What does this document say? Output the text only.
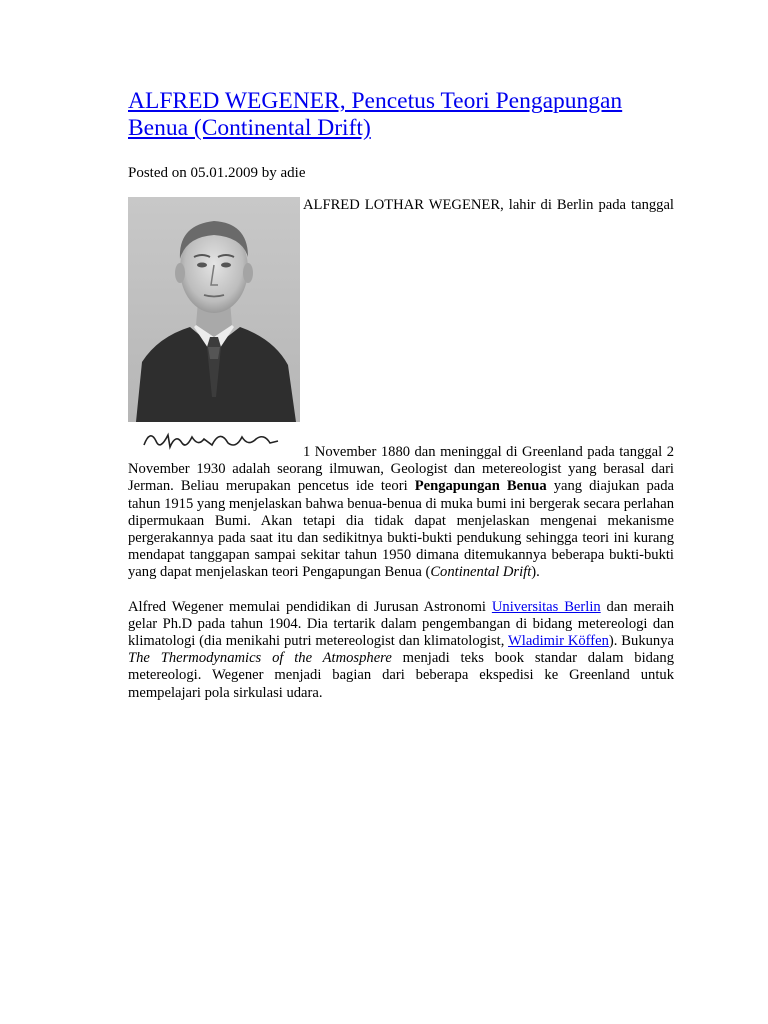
ALFRED WEGENER, Pencetus Teori Pengapungan Benua (Continental Drift)
Posted on 05.01.2009 by adie

ALFRED LOTHAR WEGENER, lahir di Berlin pada tanggal 1 November 1880 dan meninggal di Greenland pada tanggal 2 November 1930 adalah seorang ilmuwan, Geologist dan metereologist yang berasal dari Jerman. Beliau merupakan pencetus ide teori Pengapungan Benua yang diajukan pada tahun 1915 yang menjelaskan bahwa benua-benua di muka bumi ini bergerak secara perlahan dipermukaan Bumi. Akan tetapi dia tidak dapat menjelaskan mengenai mekanisme pergerakannya pada saat itu dan sedikitnya bukti-bukti pendukung sehingga teori ini kurang mendapat tanggapan sampai sekitar tahun 1950 dimana ditemukannya beberapa bukti-bukti yang dapat menjelaskan teori Pengapungan Benua (Continental Drift).

Alfred Wegener memulai pendidikan di Jurusan Astronomi Universitas Berlin dan meraih gelar Ph.D pada tahun 1904. Dia tertarik dalam pengembangan di bidang metereologi dan klimatologi (dia menikahi putri metereologist dan klimatologist, Wladimir Köffen). Bukunya The Thermodynamics of the Atmosphere menjadi teks book standar dalam bidang metereologi. Wegener menjadi bagian dari beberapa ekspedisi ke Greenland untuk mempelajari pola sirkulasi udara.
